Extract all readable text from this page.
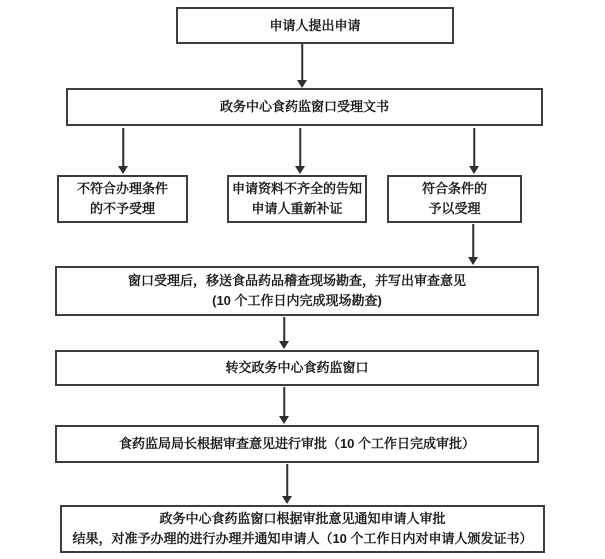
申请人提出申请
政务中心食药监窗口受理文书
不符合办理条件
的不予受理
申请资料不齐全的告知
申请人重新补证
符合条件的
予以受理
窗口受理后，移送食品药品稽查现场勘查，并写出审查意见
(10 个工作日内完成现场勘查)
转交政务中心食药监窗口
食药监局局长根据审查意见进行审批（10 个工作日完成审批）
政务中心食药监窗口根据审批意见通知申请人审批
结果，对准予办理的进行办理并通知申请人（10 个工作日内对申请人颁发证书）
